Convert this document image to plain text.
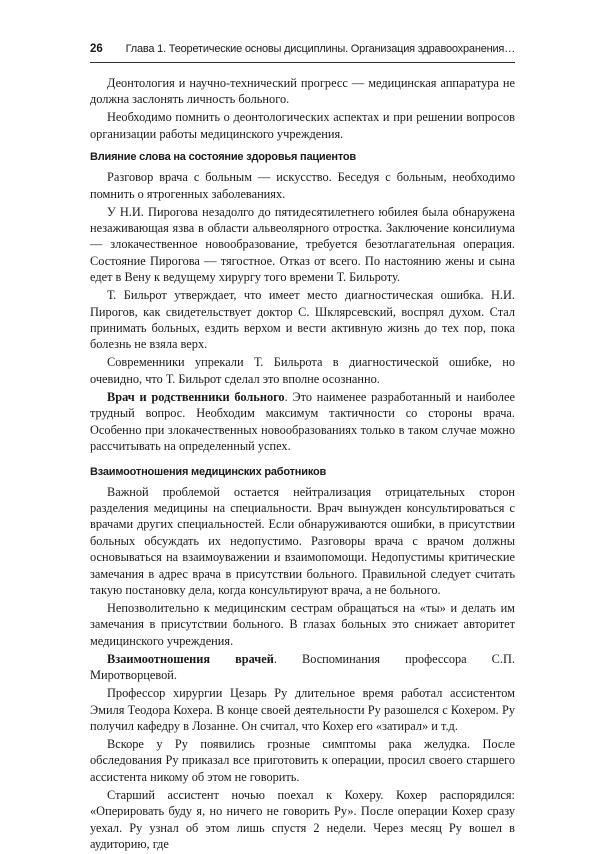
26 Глава 1. Теоретические основы дисциплины. Организация здравоохранения…

Деонтология и научно-технический прогресс — медицинская аппаратура не должна заслонять личность больного.

Необходимо помнить о деонтологических аспектах и при решении вопросов организации работы медицинского учреждения.

Влияние слова на состояние здоровья пациентов

Разговор врача с больным — искусство. Беседуя с больным, необходимо помнить о ятрогенных заболеваниях.

У Н.И. Пирогова незадолго до пятидесятилетнего юбилея была обнаружена незаживающая язва в области альвеолярного отростка. Заключение консилиума — злокачественное новообразование, требуется безотлагательная операция. Состояние Пирогова — тягостное. Отказ от всего. По настоянию жены и сына едет в Вену к ведущему хирургу того времени Т. Бильроту.

Т. Бильрот утверждает, что имеет место диагностическая ошибка. Н.И. Пирогов, как свидетельствует доктор С. Шклярсевский, воспрял духом. Стал принимать больных, ездить верхом и вести активную жизнь до тех пор, пока болезнь не взяла верх.

Современники упрекали Т. Бильрота в диагностической ошибке, но очевидно, что Т. Бильрот сделал это вполне осознанно.

Врач и родственники больного. Это наименее разработанный и наиболее трудный вопрос. Необходим максимум тактичности со стороны врача. Особенно при злокачественных новообразованиях только в таком случае можно рассчитывать на определенный успех.

Взаимоотношения медицинских работников

Важной проблемой остается нейтрализация отрицательных сторон разделения медицины на специальности. Врач вынужден консультироваться с врачами других специальностей. Если обнаруживаются ошибки, в присутствии больных обсуждать их недопустимо. Разговоры врача с врачом должны основываться на взаимоуважении и взаимопомощи. Недопустимы критические замечания в адрес врача в присутствии больного. Правильной следует считать такую постановку дела, когда консультируют врача, а не больного.

Непозволительно к медицинским сестрам обращаться на «ты» и делать им замечания в присутствии больного. В глазах больных это снижает авторитет медицинского учреждения.

Взаимоотношения врачей. Воспоминания профессора С.П. Миротворцевой.

Профессор хирургии Цезарь Ру длительное время работал ассистентом Эмиля Теодора Кохера. В конце своей деятельности Ру разошелся с Кохером. Ру получил кафедру в Лозанне. Он считал, что Кохер его «затирал» и т.д.

Вскоре у Ру появились грозные симптомы рака желудка. После обследования Ру приказал все приготовить к операции, просил своего старшего ассистента никому об этом не говорить.

Старший ассистент ночью поехал к Кохеру. Кохер распорядился: «Оперировать буду я, но ничего не говорить Ру». После операции Кохер сразу уехал. Ру узнал об этом лишь спустя 2 недели. Через месяц Ру вошел в аудиторию, где
